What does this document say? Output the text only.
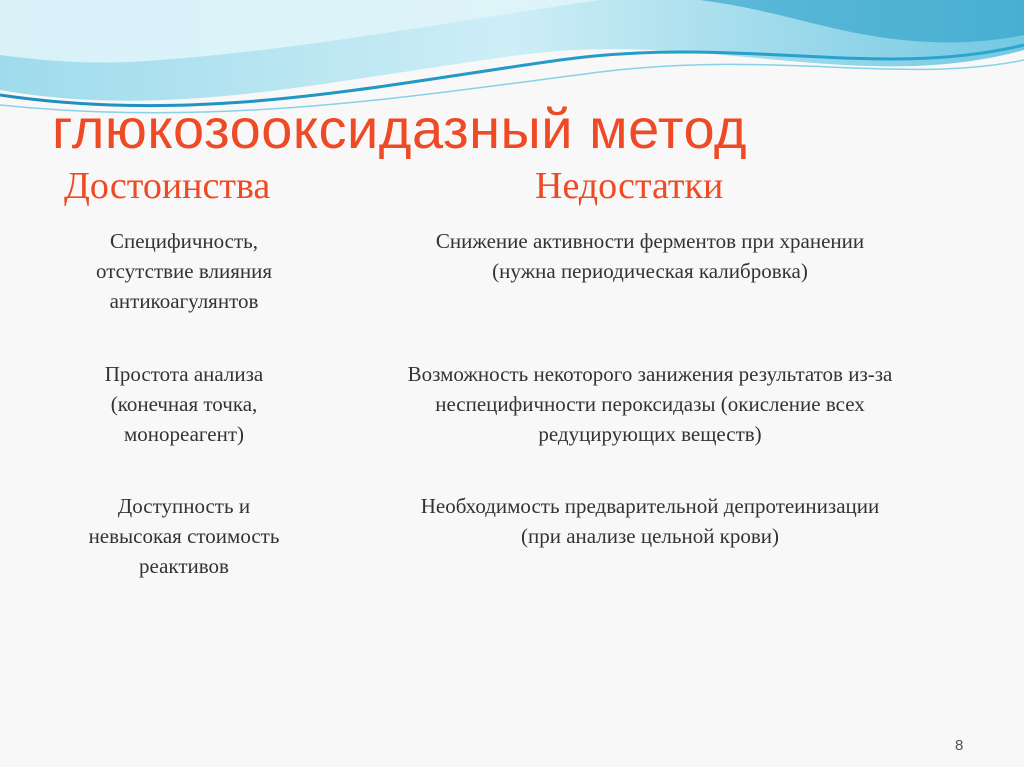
глюкозооксидазный метод
Достоинства	Недостатки

Специфичность,
отсутствие влияния
антикоагулянтов

Снижение активности ферментов при хранении
(нужна периодическая калибровка)

Простота анализа
(конечная точка,
монореагент)

Возможность некоторого занижения результатов из-за
неспецифичности пероксидазы (окисление всех
редуцирующих веществ)

Доступность и
невысокая стоимость
реактивов

Необходимость предварительной депротеинизации
(при анализе цельной крови)

8
